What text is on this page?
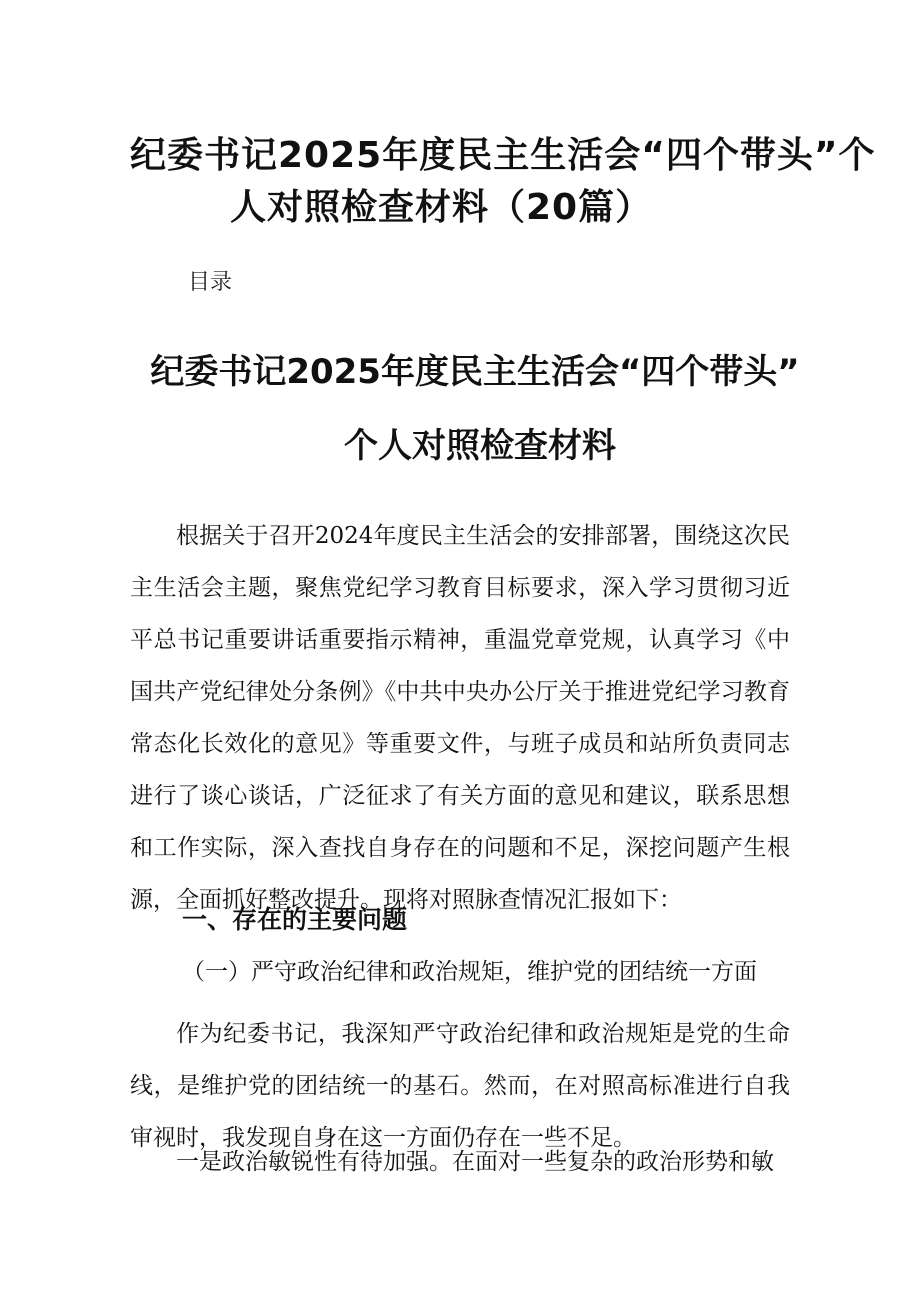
纪委书记2025年度民主生活会“四个带头”个
人对照检查材料（20篇）
目录
纪委书记2025年度民主生活会“四个带头”
个人对照检查材料
根据关于召开2024年度民主生活会的安排部署，围绕这次民主生活会主题，聚焦党纪学习教育目标要求，深入学习贯彻习近平总书记重要讲话重要指示精神，重温党章党规，认真学习《中国共产党纪律处分条例》《中共中央办公厅关于推进党纪学习教育常态化长效化的意见》等重要文件，与班子成员和站所负责同志进行了谈心谈话，广泛征求了有关方面的意见和建议，联系思想和工作实际，深入查找自身存在的问题和不足，深挖问题产生根源，全面抓好整改提升。现将对照脉查情况汇报如下：
一、存在的主要问题
（一）严守政治纪律和政治规矩，维护党的团结统一方面
作为纪委书记，我深知严守政治纪律和政治规矩是党的生命线，是维护党的团结统一的基石。然而，在对照高标准进行自我审视时，我发现自身在这一方面仍存在一些不足。
一是政治敏锐性有待加强。在面对一些复杂的政治形势和敏
